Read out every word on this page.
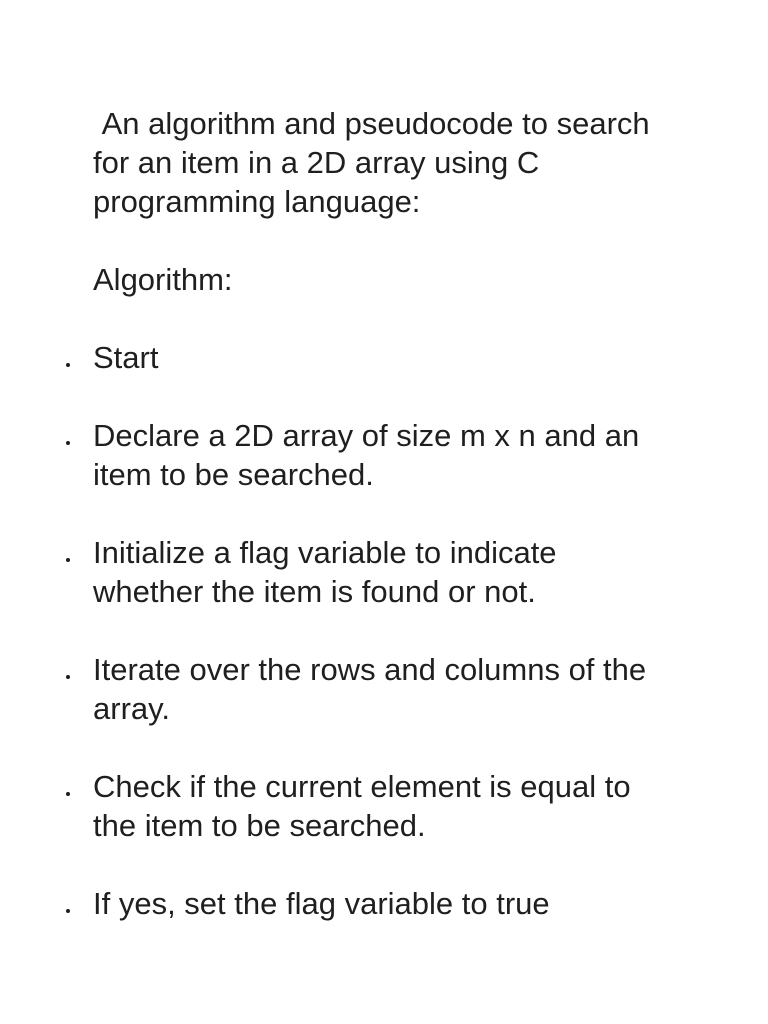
An algorithm and pseudocode to search for an item in a 2D array using C programming language:

Algorithm:

Start
Declare a 2D array of size m x n and an item to be searched.
Initialize a flag variable to indicate whether the item is found or not.
Iterate over the rows and columns of the array.
Check if the current element is equal to the item to be searched.
If yes, set the flag variable to true
